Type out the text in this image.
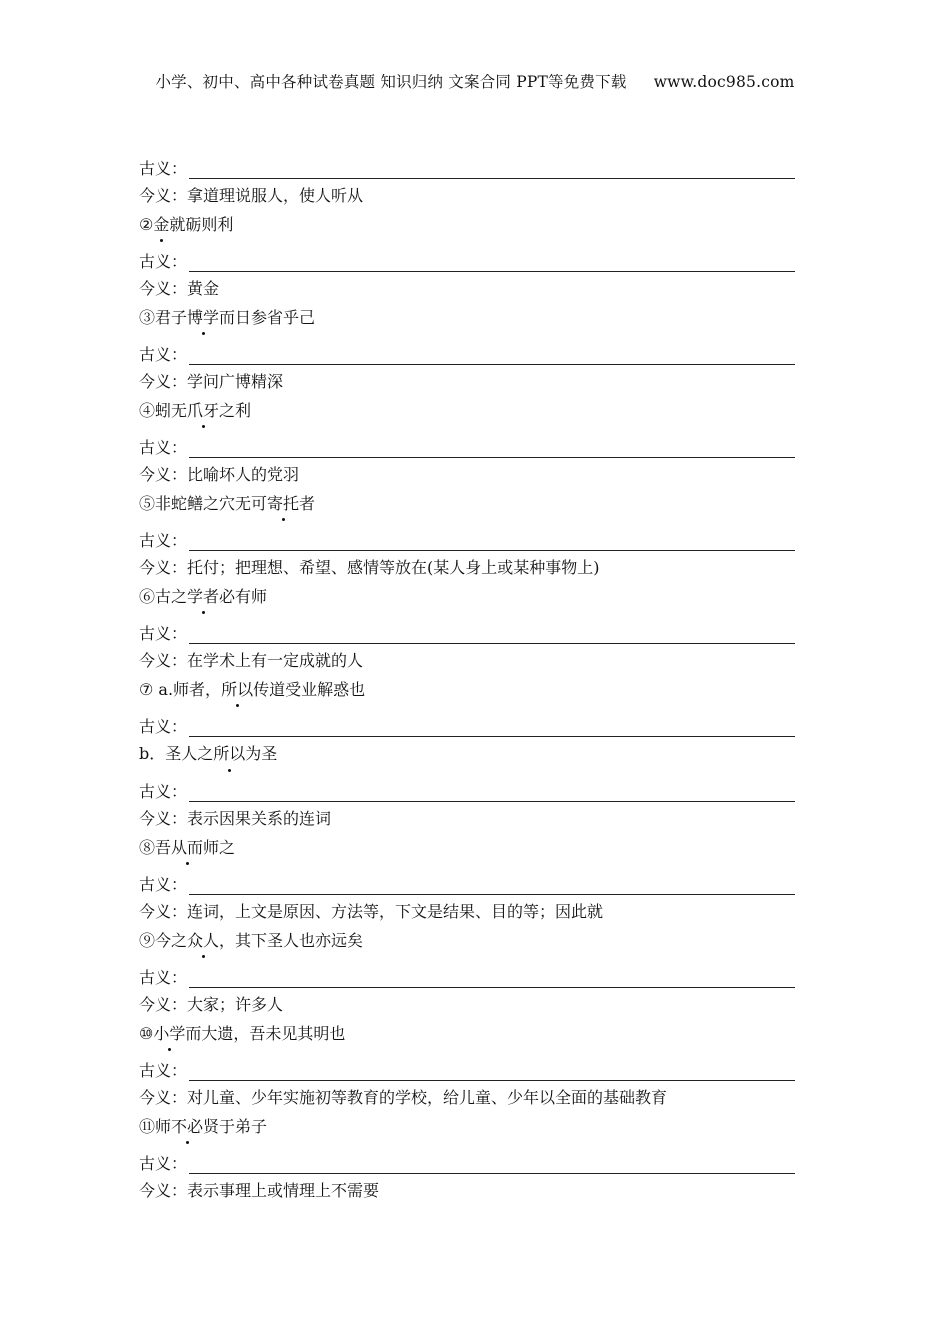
小学、初中、高中各种试卷真题 知识归纳 文案合同 PPT等免费下载 www.doc985.com
古义：
今义：拿道理说服人，使人听从
②金就砺则利
古义：
今义：黄金
③君子博学而日参省乎己
古义：
今义：学问广博精深
④蚓无爪牙之利
古义：
今义：比喻坏人的党羽
⑤非蛇鳝之穴无可寄托者
古义：
今义：托付；把理想、希望、感情等放在(某人身上或某种事物上)
⑥古之学者必有师
古义：
今义：在学术上有一定成就的人
⑦ a.师者，所以传道受业解惑也
古义：
b．圣人之所以为圣
古义：
今义：表示因果关系的连词
⑧吾从而师之
古义：
今义：连词，上文是原因、方法等，下文是结果、目的等；因此就
⑨今之众人，其下圣人也亦远矣
古义：
今义：大家；许多人
⑩小学而大遗，吾未见其明也
古义：
今义：对儿童、少年实施初等教育的学校，给儿童、少年以全面的基础教育
⑪师不必贤于弟子
古义：
今义：表示事理上或情理上不需要
